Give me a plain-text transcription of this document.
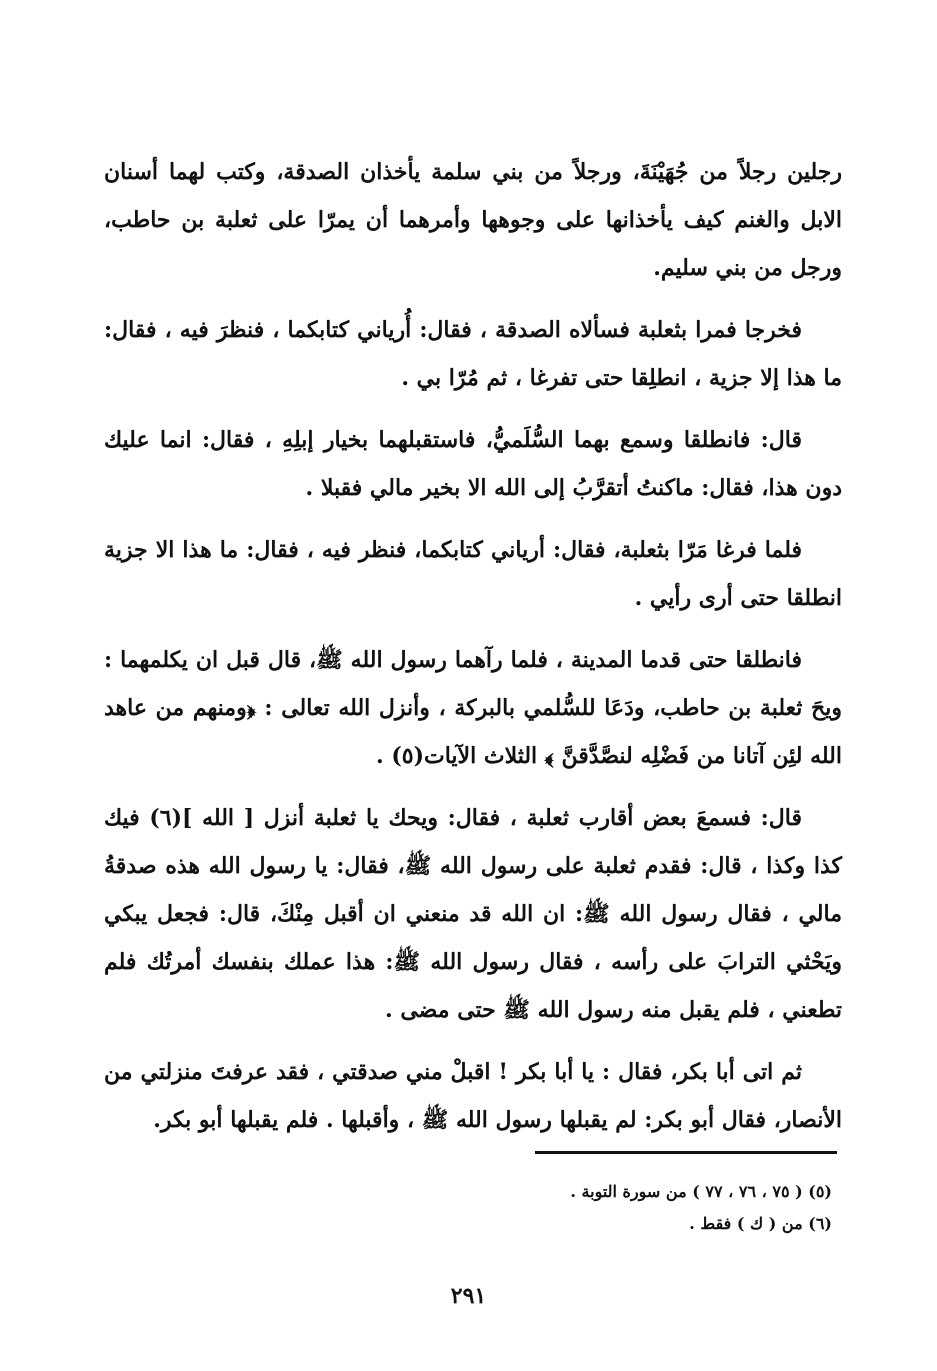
رجلين رجلاً من جُهَيْنَةَ، ورجلاً من بني سلمة يأخذان الصدقة، وكتب لهما أسنان الابل والغنم كيف يأخذانها على وجوهها وأمرهما أن يمرّا على ثعلبة بن حاطب، ورجل من بني سليم.

فخرجا فمرا بثعلبة فسألاه الصدقة ، فقال: أُرياني كتابكما ، فنظرَ فيه ، فقال: ما هذا إلا جزية ، انطلِقا حتى تفرغا ، ثم مُرّا بي .

قال: فانطلقا وسمع بهما السُّلَميُّ، فاستقبلهما بخيار إبلِهِ ، فقال: انما عليك دون هذا، فقال: ماكنتُ أتقرَّبُ إلى الله الا بخير مالي فقبلا .

فلما فرغا مَرّا بثعلبة، فقال: أرياني كتابكما، فنظر فيه ، فقال: ما هذا الا جزية انطلقا حتى أرى رأيي .

فانطلقا حتى قدما المدينة ، فلما رآهما رسول الله ﷺ، قال قبل ان يكلمهما : ويحَ ثعلبة بن حاطب، ودَعَا للسُّلمي بالبركة ، وأنزل الله تعالى : ﴿ومنهم من عاهد الله لئِن آتانا من فَضْلِه لنصَّدَّقنَّ ﴾ الثلاث الآيات(٥) .

قال: فسمعَ بعض أقارب ثعلبة ، فقال: ويحك يا ثعلبة أنزل [ الله ](٦) فيك كذا وكذا ، قال: فقدم ثعلبة على رسول الله ﷺ، فقال: يا رسول الله هذه صدقةُ مالي ، فقال رسول الله ﷺ: ان الله قد منعني ان أقبل مِنْكَ، قال: فجعل يبكي ويَحْثي الترابَ على رأسه ، فقال رسول الله ﷺ: هذا عملك بنفسك أمرتُك فلم تطعني ، فلم يقبل منه رسول الله ﷺ حتى مضى .

ثم اتى أبا بكر، فقال : يا أبا بكر ! اقبلْ مني صدقتي ، فقد عرفتَ منزلتي من الأنصار، فقال أبو بكر: لم يقبلها رسول الله ﷺ ، وأقبلها . فلم يقبلها أبو بكر.

(٥) ( ٧٥ ، ٧٦ ، ٧٧ ) من سورة التوبة .

(٦) من ( ك ) فقط .

٢٩١
